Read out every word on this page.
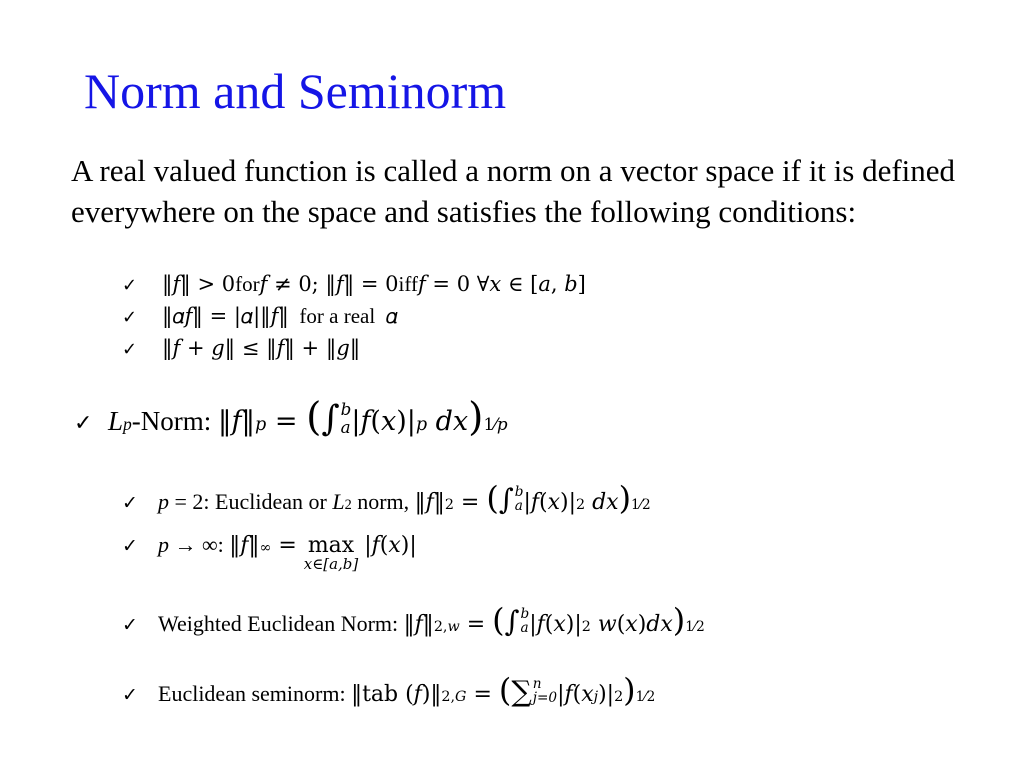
Norm and Seminorm
A real valued function is called a norm on a vector space if it is defined everywhere on the space and satisfies the following conditions:
✓	‖𝑓‖ > 0 for 𝑓 ≠ 0; ‖𝑓‖ = 0 iff 𝑓 = 0 ∀𝑥 ∈ [𝑎, 𝑏]
✓	‖𝛼𝑓‖ = |𝛼|‖𝑓‖ for a real 𝛼
✓	‖𝑓 + 𝑔‖ ≤ ‖𝑓‖ + ‖𝑔‖
✓ L p -Norm: ‖𝑓‖ 𝑝 = ( ∫ 𝑏
𝑎 |𝑓(𝑥)| 𝑝 𝑑𝑥 ) 1⁄𝑝
✓ p = 2: Euclidean or L 2 norm, ‖𝑓‖ 2 = ( ∫ 𝑏
𝑎 |𝑓(𝑥)| 2 𝑑𝑥 ) 1⁄2
✓ p → ∞: ‖𝑓‖ ∞ = max
𝑥∈[𝑎,𝑏]
|𝑓(𝑥)|
✓ Weighted Euclidean Norm: ‖𝑓‖ 2,𝑤 = ( ∫ 𝑏
𝑎 |𝑓(𝑥)| 2 𝑤(𝑥)𝑑𝑥 ) 1⁄2
✓ Euclidean seminorm: ‖tab (𝑓)‖ 2,𝐺 = ( ∑ 𝑛
𝑗=0 |𝑓(𝑥 𝑗 )| 2 ) 1⁄2
